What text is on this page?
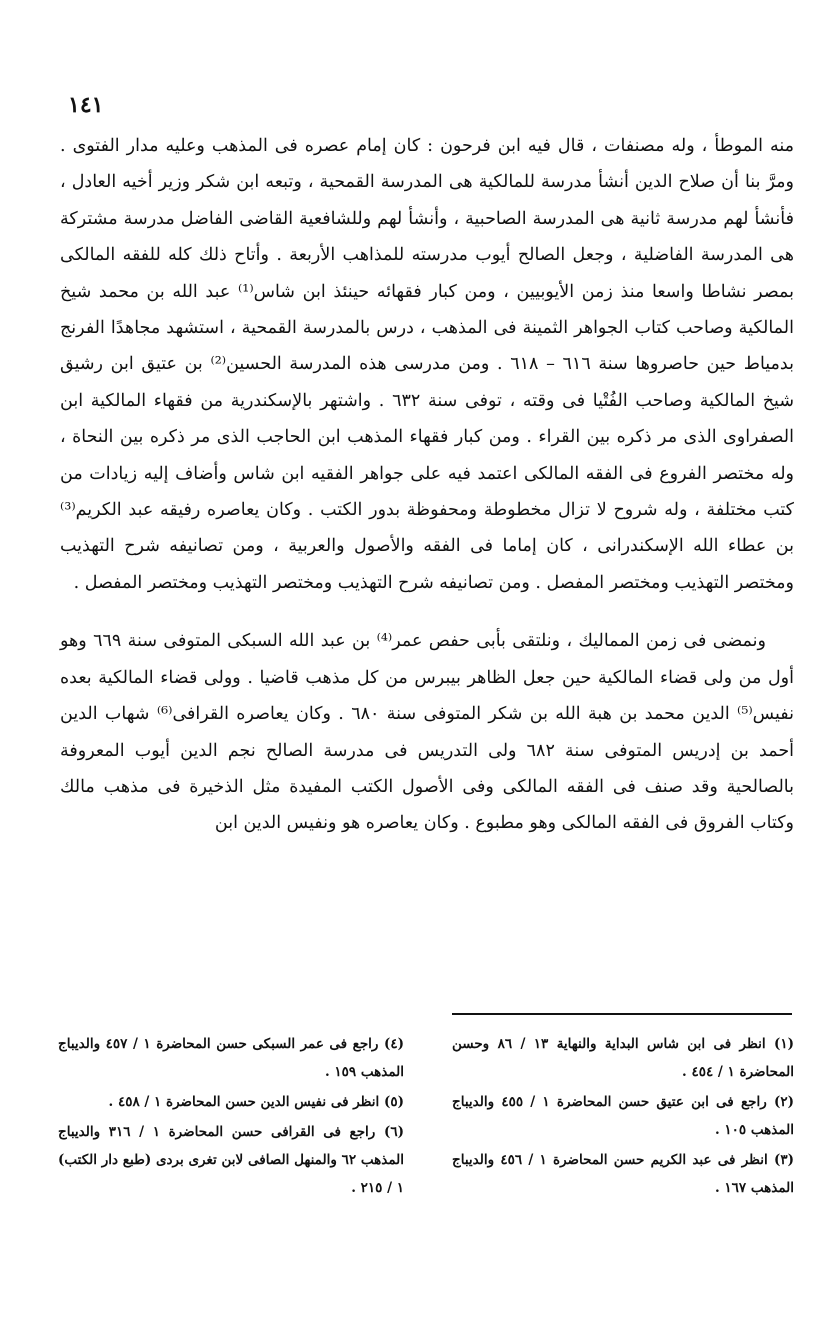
١٤١

منه الموطأ ، وله مصنفات ، قال فيه ابن فرحون : كان إمام عصره فى المذهب وعليه مدار الفتوى . ومرَّ بنا أن صلاح الدين أنشأ مدرسة للمالكية هى المدرسة القمحية ، وتبعه ابن شكر وزير أخيه العادل ، فأنشأ لهم مدرسة ثانية هى المدرسة الصاحبية ، وأنشأ لهم وللشافعية القاضى الفاضل مدرسة مشتركة هى المدرسة الفاضلية ، وجعل الصالح أيوب مدرسته للمذاهب الأربعة . وأتاح ذلك كله للفقه المالكى بمصر نشاطا واسعا منذ زمن الأيوبيين ، ومن كبار فقهائه حينئذ ابن شاس⁽¹⁾ عبد الله بن محمد شيخ المالكية وصاحب كتاب الجواهر الثمينة فى المذهب ، درس بالمدرسة القمحية ، استشهد مجاهدًا الفرنج بدمياط حين حاصروها سنة ٦١٦ – ٦١٨ . ومن مدرسى هذه المدرسة الحسين⁽²⁾ بن عتيق ابن رشيق شيخ المالكية وصاحب الفُتْيا فى وقته ، توفى سنة ٦٣٢ . واشتهر بالإسكندرية من فقهاء المالكية ابن الصفراوى الذى مر ذكره بين القراء . ومن كبار فقهاء المذهب ابن الحاجب الذى مر ذكره بين النحاة ، وله مختصر الفروع فى الفقه المالكى اعتمد فيه على جواهر الفقيه ابن شاس وأضاف إليه زيادات من كتب مختلفة ، وله شروح لا تزال مخطوطة ومحفوظة بدور الكتب . وكان يعاصره رفيقه عبد الكريم⁽³⁾ بن عطاء الله الإسكندرانى ، كان إماما فى الفقه والأصول والعربية ، ومن تصانيفه شرح التهذيب ومختصر التهذيب ومختصر المفصل . ومن تصانيفه شرح التهذيب ومختصر التهذيب ومختصر المفصل .

ونمضى فى زمن المماليك ، ونلتقى بأبى حفص عمر⁽⁴⁾ بن عبد الله السبكى المتوفى سنة ٦٦٩ وهو أول من ولى قضاء المالكية حين جعل الظاهر بيبرس من كل مذهب قاضيا . وولى قضاء المالكية بعده نفيس⁽⁵⁾ الدين محمد بن هبة الله بن شكر المتوفى سنة ٦٨٠ . وكان يعاصره القرافى⁽⁶⁾ شهاب الدين أحمد بن إدريس المتوفى سنة ٦٨٢ ولى التدريس فى مدرسة الصالح نجم الدين أيوب المعروفة بالصالحية وقد صنف فى الفقه المالكى وفى الأصول الكتب المفيدة مثل الذخيرة فى مذهب مالك وكتاب الفروق فى الفقه المالكى وهو مطبوع . وكان يعاصره هو ونفيس الدين ابن

(١) انظر فى ابن شاس البداية والنهاية ١٣ / ٨٦ وحسن المحاضرة ١ / ٤٥٤ .

(٢) راجع فى ابن عتيق حسن المحاضرة ١ / ٤٥٥ والديباج المذهب ١٠٥ .

(٣) انظر فى عبد الكريم حسن المحاضرة ١ / ٤٥٦ والديباج المذهب ١٦٧ .

(٤) راجع فى عمر السبكى حسن المحاضرة ١ / ٤٥٧ والديباج المذهب ١٥٩ .

(٥) انظر فى نفيس الدين حسن المحاضرة ١ / ٤٥٨ .

(٦) راجع فى القرافى حسن المحاضرة ١ / ٣١٦ والديباج المذهب ٦٢ والمنهل الصافى لابن تغرى بردى (طبع دار الكتب) ١ / ٢١٥ .
